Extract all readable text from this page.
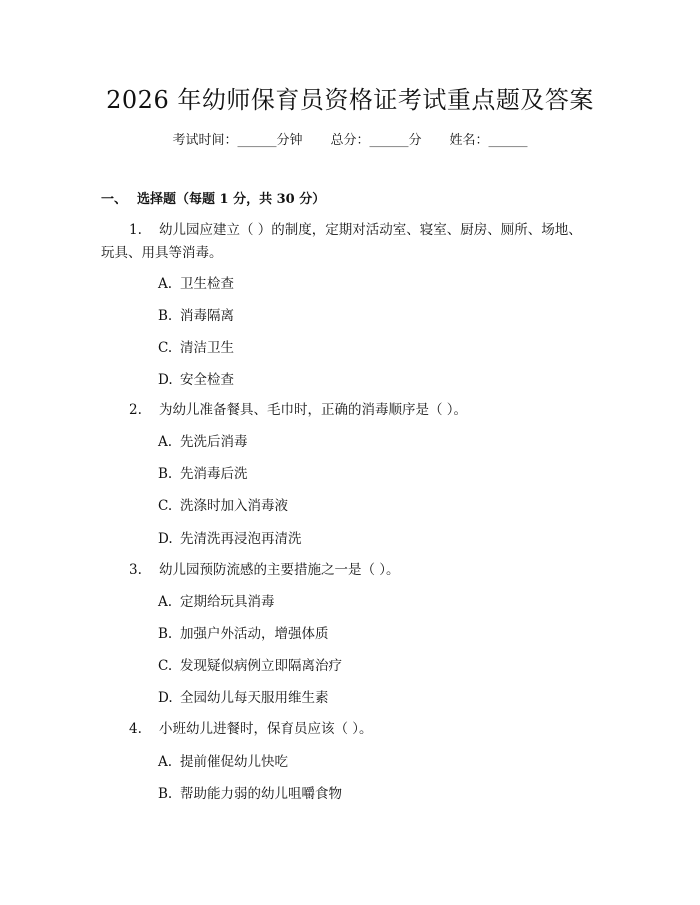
2026 年幼师保育员资格证考试重点题及答案
考试时间：______分钟 总分：______分 姓名：______
一、 选择题（每题 1 分，共 30 分）
1. 幼儿园应建立（ ）的制度，定期对活动室、寝室、厨房、厕所、场地、
玩具、用具等消毒。
A. 卫生检查
B. 消毒隔离
C. 清洁卫生
D. 安全检查
2. 为幼儿准备餐具、毛巾时，正确的消毒顺序是（ ）。
A. 先洗后消毒
B. 先消毒后洗
C. 洗涤时加入消毒液
D. 先清洗再浸泡再清洗
3. 幼儿园预防流感的主要措施之一是（ ）。
A. 定期给玩具消毒
B. 加强户外活动，增强体质
C. 发现疑似病例立即隔离治疗
D. 全园幼儿每天服用维生素
4. 小班幼儿进餐时，保育员应该（ ）。
A. 提前催促幼儿快吃
B. 帮助能力弱的幼儿咀嚼食物
